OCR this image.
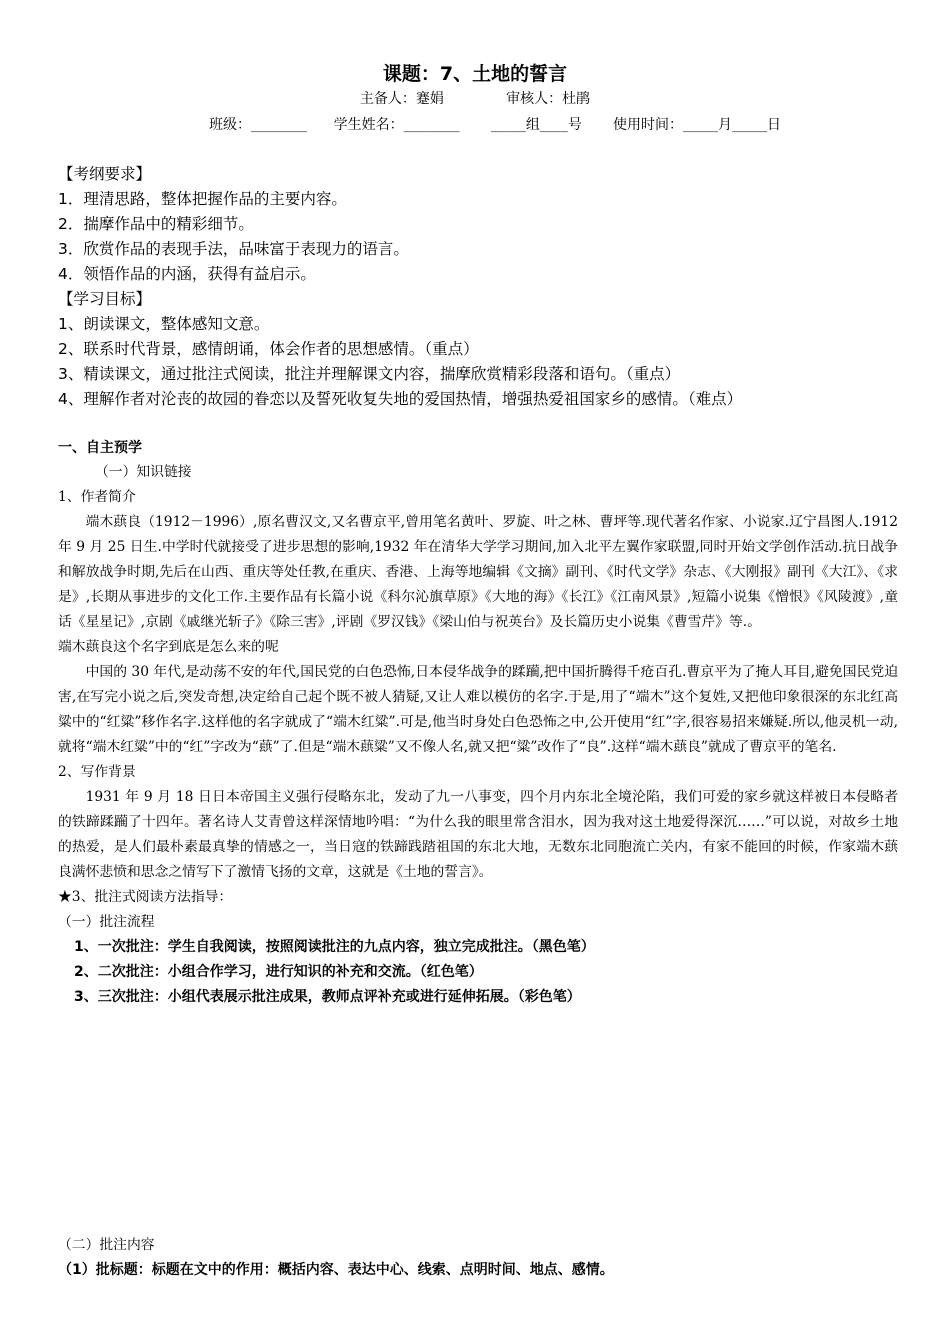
课题：7、土地的誓言
主备人：蹇娟              审核人：杜鹃
班级：________      学生姓名：________       _____组____号       使用时间：_____月_____日
【考纲要求】
1．理清思路，整体把握作品的主要内容。
2．揣摩作品中的精彩细节。
3．欣赏作品的表现手法，品味富于表现力的语言。
4．领悟作品的内涵，获得有益启示。
【学习目标】
1、朗读课文，整体感知文意。
2、联系时代背景，感情朗诵，体会作者的思想感情。（重点）
3、精读课文，通过批注式阅读，批注并理解课文内容，揣摩欣赏精彩段落和语句。（重点）
4、理解作者对沦丧的故园的眷恋以及誓死收复失地的爱国热情，增强热爱祖国家乡的感情。（难点）
一、自主预学
（一）知识链接
1、作者简介
端木蕻良（1912－1996）,原名曹汉文,又名曹京平,曾用笔名黄叶、罗旋、叶之林、曹坪等.现代著名作家、小说家.辽宁昌图人.1912 年 9 月 25 日生.中学时代就接受了进步思想的影响,1932 年在清华大学学习期间,加入北平左翼作家联盟,同时开始文学创作活动.抗日战争和解放战争时期,先后在山西、重庆等处任教,在重庆、香港、上海等地编辑《文摘》副刊、《时代文学》杂志、《大刚报》副刊《大江》、《求是》,长期从事进步的文化工作.主要作品有长篇小说《科尔沁旗草原》《大地的海》《长江》《江南风景》,短篇小说集《憎恨》《风陵渡》,童话《星星记》,京剧《戚继光斩子》《除三害》,评剧《罗汉钱》《梁山伯与祝英台》及长篇历史小说集《曹雪芹》等.。
端木蕻良这个名字到底是怎么来的呢
中国的 30 年代,是动荡不安的年代,国民党的白色恐怖,日本侵华战争的蹂躏,把中国折腾得千疮百孔.曹京平为了掩人耳目,避免国民党迫害,在写完小说之后,突发奇想,决定给自己起个既不被人猜疑,又让人难以模仿的名字.于是,用了“端木”这个复姓,又把他印象很深的东北红高粱中的“红粱”移作名字.这样他的名字就成了“端木红粱”.可是,他当时身处白色恐怖之中,公开使用“红”字,很容易招来嫌疑.所以,他灵机一动,就将“端木红粱”中的“红”字改为“蕻”了.但是“端木蕻粱”又不像人名,就又把“粱”改作了“良”.这样“端木蕻良”就成了曹京平的笔名.
2、写作背景
1931 年 9 月 18 日日本帝国主义强行侵略东北，发动了九一八事变，四个月内东北全境沦陷，我们可爱的家乡就这样被日本侵略者的铁蹄蹂躏了十四年。著名诗人艾青曾这样深情地吟唱：“为什么我的眼里常含泪水，因为我对这土地爱得深沉……”可以说，对故乡土地的热爱，是人们最朴素最真挚的情感之一，当日寇的铁蹄践踏祖国的东北大地，无数东北同胞流亡关内，有家不能回的时候，作家端木蕻良满怀悲愤和思念之情写下了激情飞扬的文章，这就是《土地的誓言》。
★3、批注式阅读方法指导：
（一）批注流程
1、一次批注：学生自我阅读，按照阅读批注的九点内容，独立完成批注。（黑色笔）
2、二次批注：小组合作学习，进行知识的补充和交流。（红色笔）
3、三次批注：小组代表展示批注成果，教师点评补充或进行延伸拓展。（彩色笔）
（二）批注内容
（1）批标题：标题在文中的作用：概括内容、表达中心、线索、点明时间、地点、感情。
